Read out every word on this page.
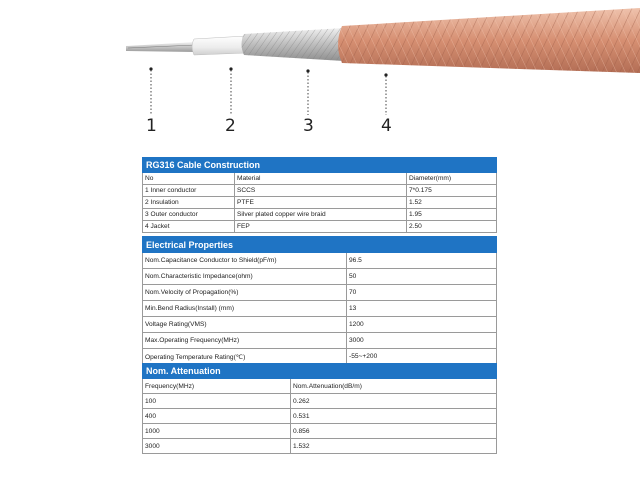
1	2	3	4
RG316 Cable Construction		
No	Material	Diameter(mm)
1 Inner conductor	SCCS	7*0.175
2 Insulation	PTFE	1.52
3 Outer conductor	Silver plated copper wire braid	1.95
4 Jacket	FEP	2.50
Electrical Properties	
Nom.Capacitance Conductor to Shield(pF/m)	96.5
Nom.Characteristic Impedance(ohm)	50
Nom.Velocity of Propagation(%)	70
Min.Bend Radius(Install) (mm)	13
Voltage Rating(VMS)	1200
Max.Operating Frequency(MHz)	3000
Operating Temperature Rating(℃)	-55~+200
Nom. Attenuation	
Frequency(MHz)	Nom.Attenuation(dB/m)
100	0.262
400	0.531
1000	0.856
3000	1.532
